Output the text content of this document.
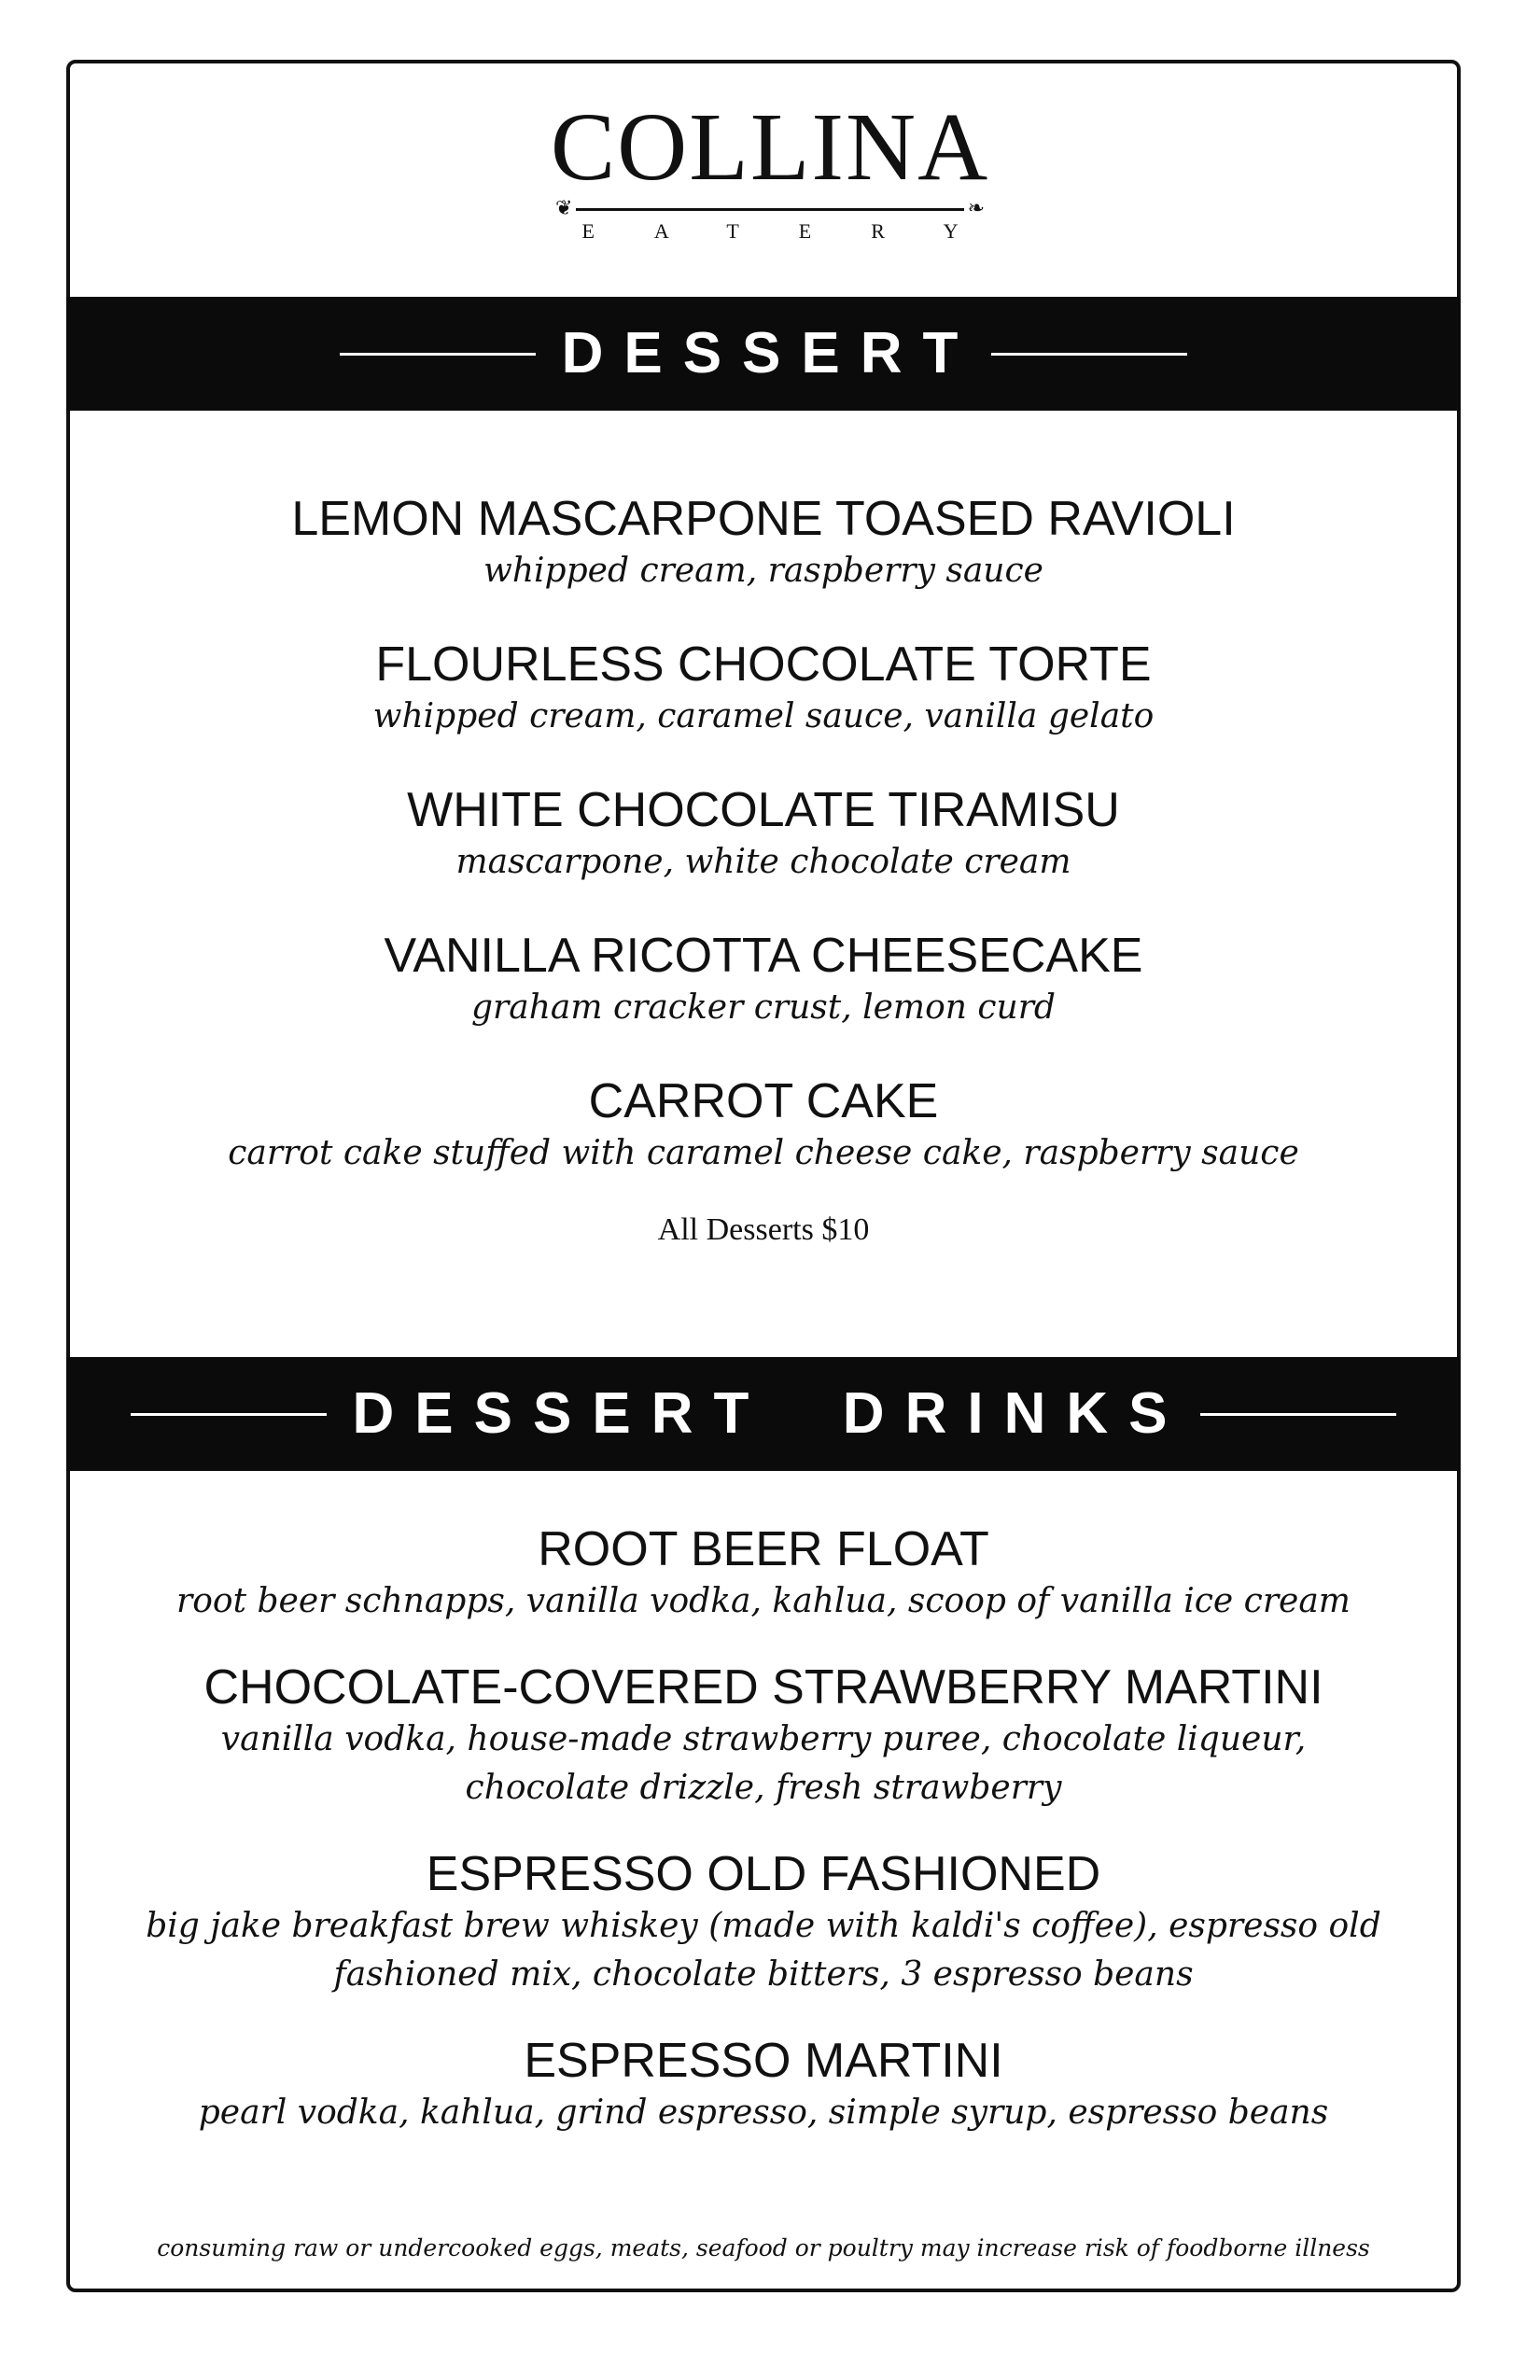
COLLINA
❦	❧
EATERY
DESSERT
LEMON MASCARPONE TOASED RAVIOLI
whipped cream, raspberry sauce
FLOURLESS CHOCOLATE TORTE
whipped cream, caramel sauce, vanilla gelato
WHITE CHOCOLATE TIRAMISU
mascarpone, white chocolate cream
VANILLA RICOTTA CHEESECAKE
graham cracker crust, lemon curd
CARROT CAKE
carrot cake stuffed with caramel cheese cake, raspberry sauce
All Desserts $10
DESSERT  DRINKS
ROOT BEER FLOAT
root beer schnapps, vanilla vodka, kahlua, scoop of vanilla ice cream
CHOCOLATE-COVERED STRAWBERRY MARTINI
vanilla vodka, house-made strawberry puree, chocolate liqueur,
chocolate drizzle, fresh strawberry
ESPRESSO OLD FASHIONED
big jake breakfast brew whiskey (made with kaldi's coffee), espresso old
fashioned mix, chocolate bitters, 3 espresso beans
ESPRESSO MARTINI
pearl vodka, kahlua, grind espresso, simple syrup, espresso beans
consuming raw or undercooked eggs, meats, seafood or poultry may increase risk of foodborne illness
